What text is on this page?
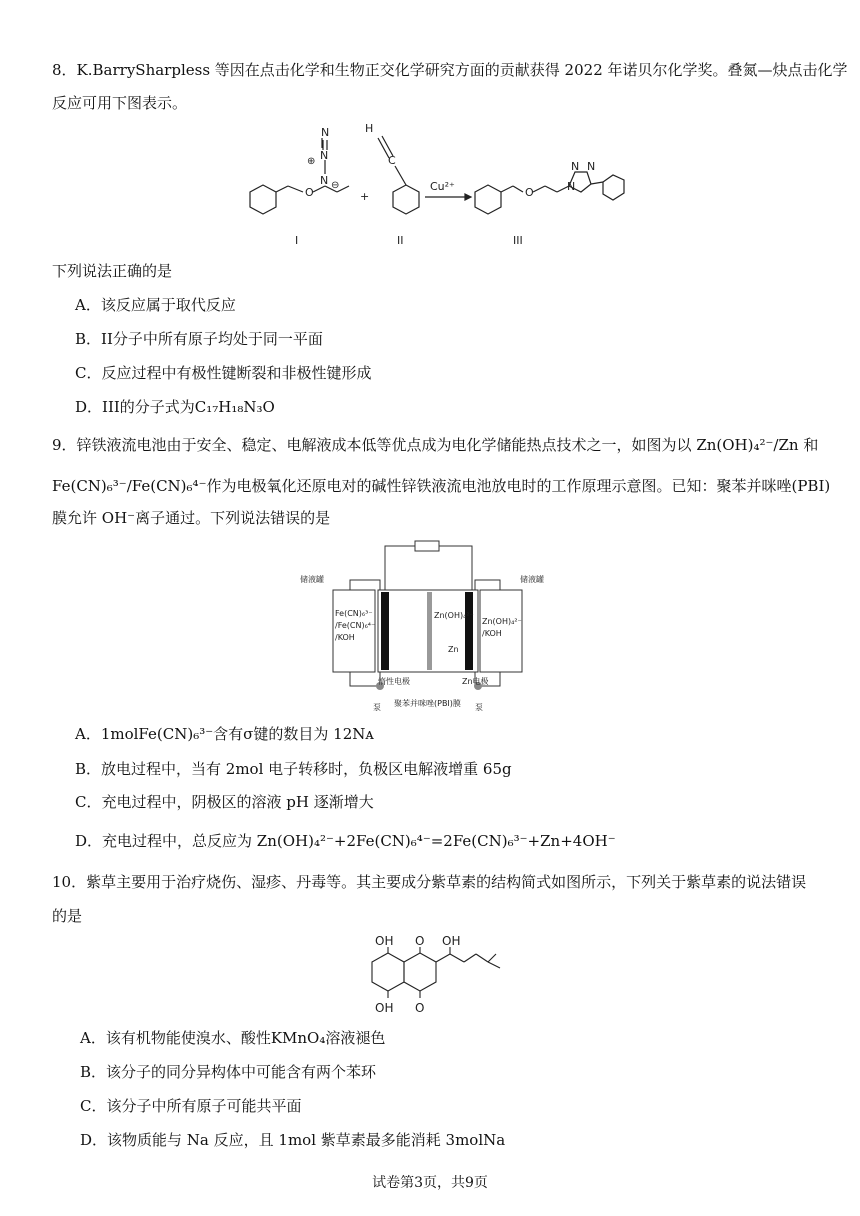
8．K.BarrySharpless 等因在点击化学和生物正交化学研究方面的贡献获得 2022 年诺贝尔化学奖。叠氮—炔点击化学
反应可用下图表示。
O
N
N
N
⊕
⊖
H
C
O	N
N N
+
Cu²⁺
I	II	III
下列说法正确的是
A．该反应属于取代反应
B．II分子中所有原子均处于同一平面
C．反应过程中有极性键断裂和非极性键形成
D．III的分子式为C₁₇H₁₈N₃O
9．锌铁液流电池由于安全、稳定、电解液成本低等优点成为电化学储能热点技术之一，如图为以 Zn(OH)₄²⁻/Zn 和
Fe(CN)₆³⁻/Fe(CN)₆⁴⁻作为电极氧化还原电对的碱性锌铁液流电池放电时的工作原理示意图。已知：聚苯并咪唑(PBI)
膜允许 OH⁻离子通过。下列说法错误的是
储液罐	储液罐
Fe(CN)₆³⁻
/Fe(CN)₆⁴⁻
/KOH
Zn(OH)₄²⁻
/KOH
Zn(OH)₄²⁻
Zn
惰性电极	Zn电极
聚苯并咪唑(PBI)膜
泵	泵
A．1molFe(CN)₆³⁻含有σ键的数目为 12Nᴀ
B．放电过程中，当有 2mol 电子转移时，负极区电解液增重 65g
C．充电过程中，阴极区的溶液 pH 逐渐增大
D．充电过程中，总反应为 Zn(OH)₄²⁻+2Fe(CN)₆⁴⁻=2Fe(CN)₆³⁻+Zn+4OH⁻
10．紫草主要用于治疗烧伤、湿疹、丹毒等。其主要成分紫草素的结构简式如图所示，下列关于紫草素的说法错误
的是
OH O OH
OH O
A．该有机物能使溴水、酸性KMnO₄溶液褪色
B．该分子的同分异构体中可能含有两个苯环
C．该分子中所有原子可能共平面
D．该物质能与 Na 反应，且 1mol 紫草素最多能消耗 3molNa
试卷第3页，共9页
